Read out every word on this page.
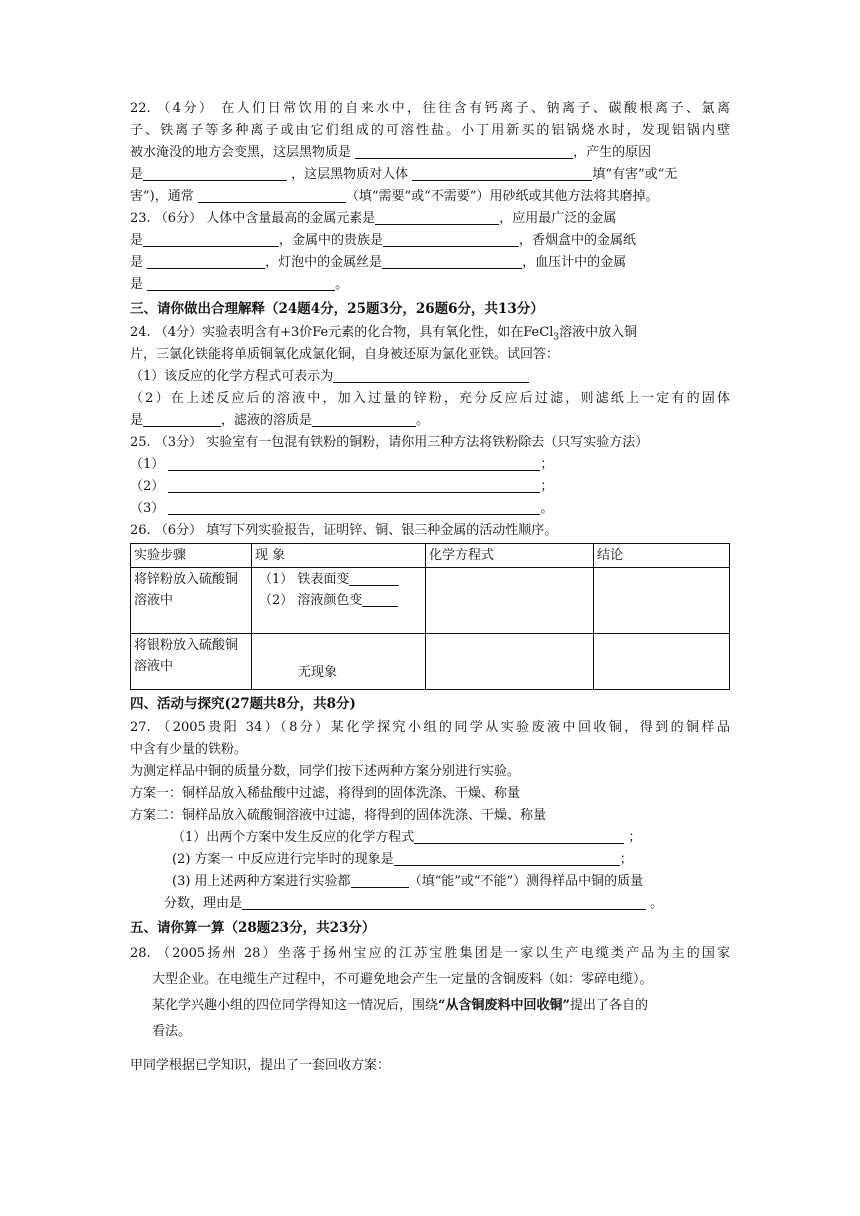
22. （4分） 在人们日常饮用的自来水中，往往含有钙离子、钠离子、碳酸根离子、氯离

子、铁离子等多种离子或由它们组成的可溶性盐。小丁用新买的铝锅烧水时，发现铝锅内壁

被水淹没的地方会变黑，这层黑物质是	，产生的原因

是	，这层黑物质对人体	填“有害”或“无

害”)，通常	（填“需要”或“不需要”）用砂纸或其他方法将其磨掉。

23. （6分） 人体中含量最高的金属元素是	，应用最广泛的金属

是	，金属中的贵族是	，香烟盒中的金属纸

是	，灯泡中的金属丝是	，血压计中的金属

是	。

三、请你做出合理解释（24题4分，25题3分，26题6分，共13分）

24. （4分）实验表明含有+3价Fe元素的化合物，具有氧化性，如在FeCl$_3$溶液中放入铜

片，三氯化铁能将单质铜氧化成氯化铜，自身被还原为氯化亚铁。试回答：

（1）该反应的化学方程式可表示为

（2）在上述反应后的溶液中，加入过量的锌粉，充分反应后过滤，则滤纸上一定有的固体

是	，滤液的溶质是	。

25. （3分） 实验室有一包混有铁粉的铜粉，请你用三种方法将铁粉除去（只写实验方法）

（1）	；

（2）	；

（3）	。

26. （6分） 填写下列实验报告，证明锌、铜、银三种金属的活动性顺序。

实验步骤	现 象	化学方程式	结论
将锌粉放入硫酸铜溶液中	（1） 铁表面变
（2） 溶液颜色变		

将银粉放入硫酸铜溶液中	无现象		
四、活动与探究(27题共8分，共8分)

27. （2005贵阳 34）（8分）某化学探究小组的同学从实验废液中回收铜，得到的铜样品

中含有少量的铁粉。

为测定样品中铜的质量分数，同学们按下述两种方案分别进行实验。

方案一：铜样品放入稀盐酸中过滤，将得到的固体洗涤、干燥、称量

方案二：铜样品放入硫酸铜溶液中过滤，将得到的固体洗涤、干燥、称量

（1）出两个方案中发生反应的化学方程式	；

(2) 方案一 中反应进行完毕时的现象是	；

(3) 用上述两种方案进行实验都	（填“能”或“不能”）测得样品中铜的质量

分数，理由是	。

五、请你算一算（28题23分，共23分）

28. （2005扬州 28）坐落于扬州宝应的江苏宝胜集团是一家以生产电缆类产品为主的国家

大型企业。在电缆生产过程中，不可避免地会产生一定量的含铜废料（如：零碎电缆）。

某化学兴趣小组的四位同学得知这一情况后，围绕“从含铜废料中回收铜”提出了各自的

看法。

甲同学根据已学知识，提出了一套回收方案：
